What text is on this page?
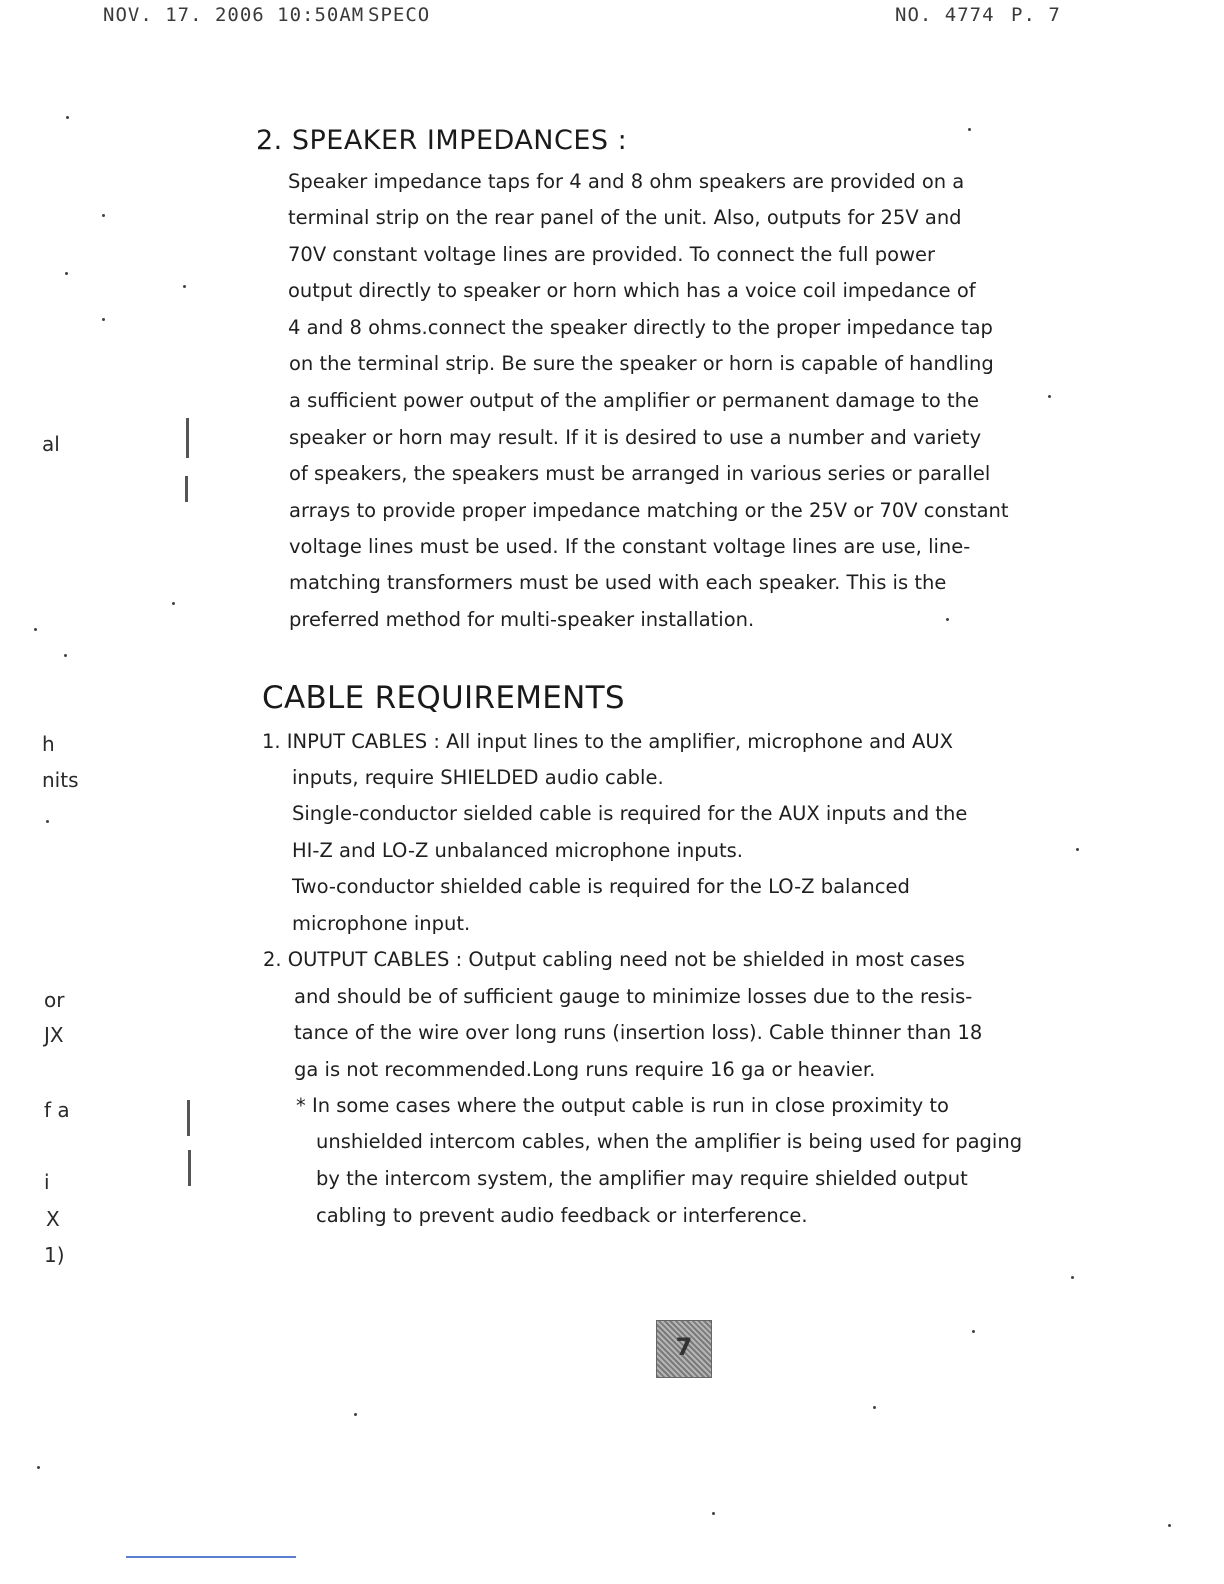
NOV. 17. 2006 10:50AM SPECO	NO. 4774 P. 7
al
h
nits
or
JX
f a
i
X
1)
2. SPEAKER IMPEDANCES :
Speaker impedance taps for 4 and 8 ohm speakers are provided on a
terminal strip on the rear panel of the unit. Also, outputs for 25V and
70V constant voltage lines are provided. To connect the full power
output directly to speaker or horn which has a voice coil impedance of
4 and 8 ohms.connect the speaker directly to the proper impedance tap
on the terminal strip. Be sure the speaker or horn is capable of handling
a sufficient power output of the amplifier or permanent damage to the
speaker or horn may result. If it is desired to use a number and variety
of speakers, the speakers must be arranged in various series or parallel
arrays to provide proper impedance matching or the 25V or 70V constant
voltage lines must be used. If the constant voltage lines are use, line-
matching transformers must be used with each speaker. This is the
preferred method for multi-speaker installation.
CABLE REQUIREMENTS
1. INPUT CABLES : All input lines to the amplifier, microphone and AUX
inputs, require SHIELDED audio cable.
Single-conductor sielded cable is required for the AUX inputs and the
HI-Z and LO-Z unbalanced microphone inputs.
Two-conductor shielded cable is required for the LO-Z balanced
microphone input.
2. OUTPUT CABLES : Output cabling need not be shielded in most cases
and should be of sufficient gauge to minimize losses due to the resis-
tance of the wire over long runs (insertion loss). Cable thinner than 18
ga is not recommended.Long runs require 16 ga or heavier.
* In some cases where the output cable is run in close proximity to
unshielded intercom cables, when the amplifier is being used for paging
by the intercom system, the amplifier may require shielded output
cabling to prevent audio feedback or interference.
7
